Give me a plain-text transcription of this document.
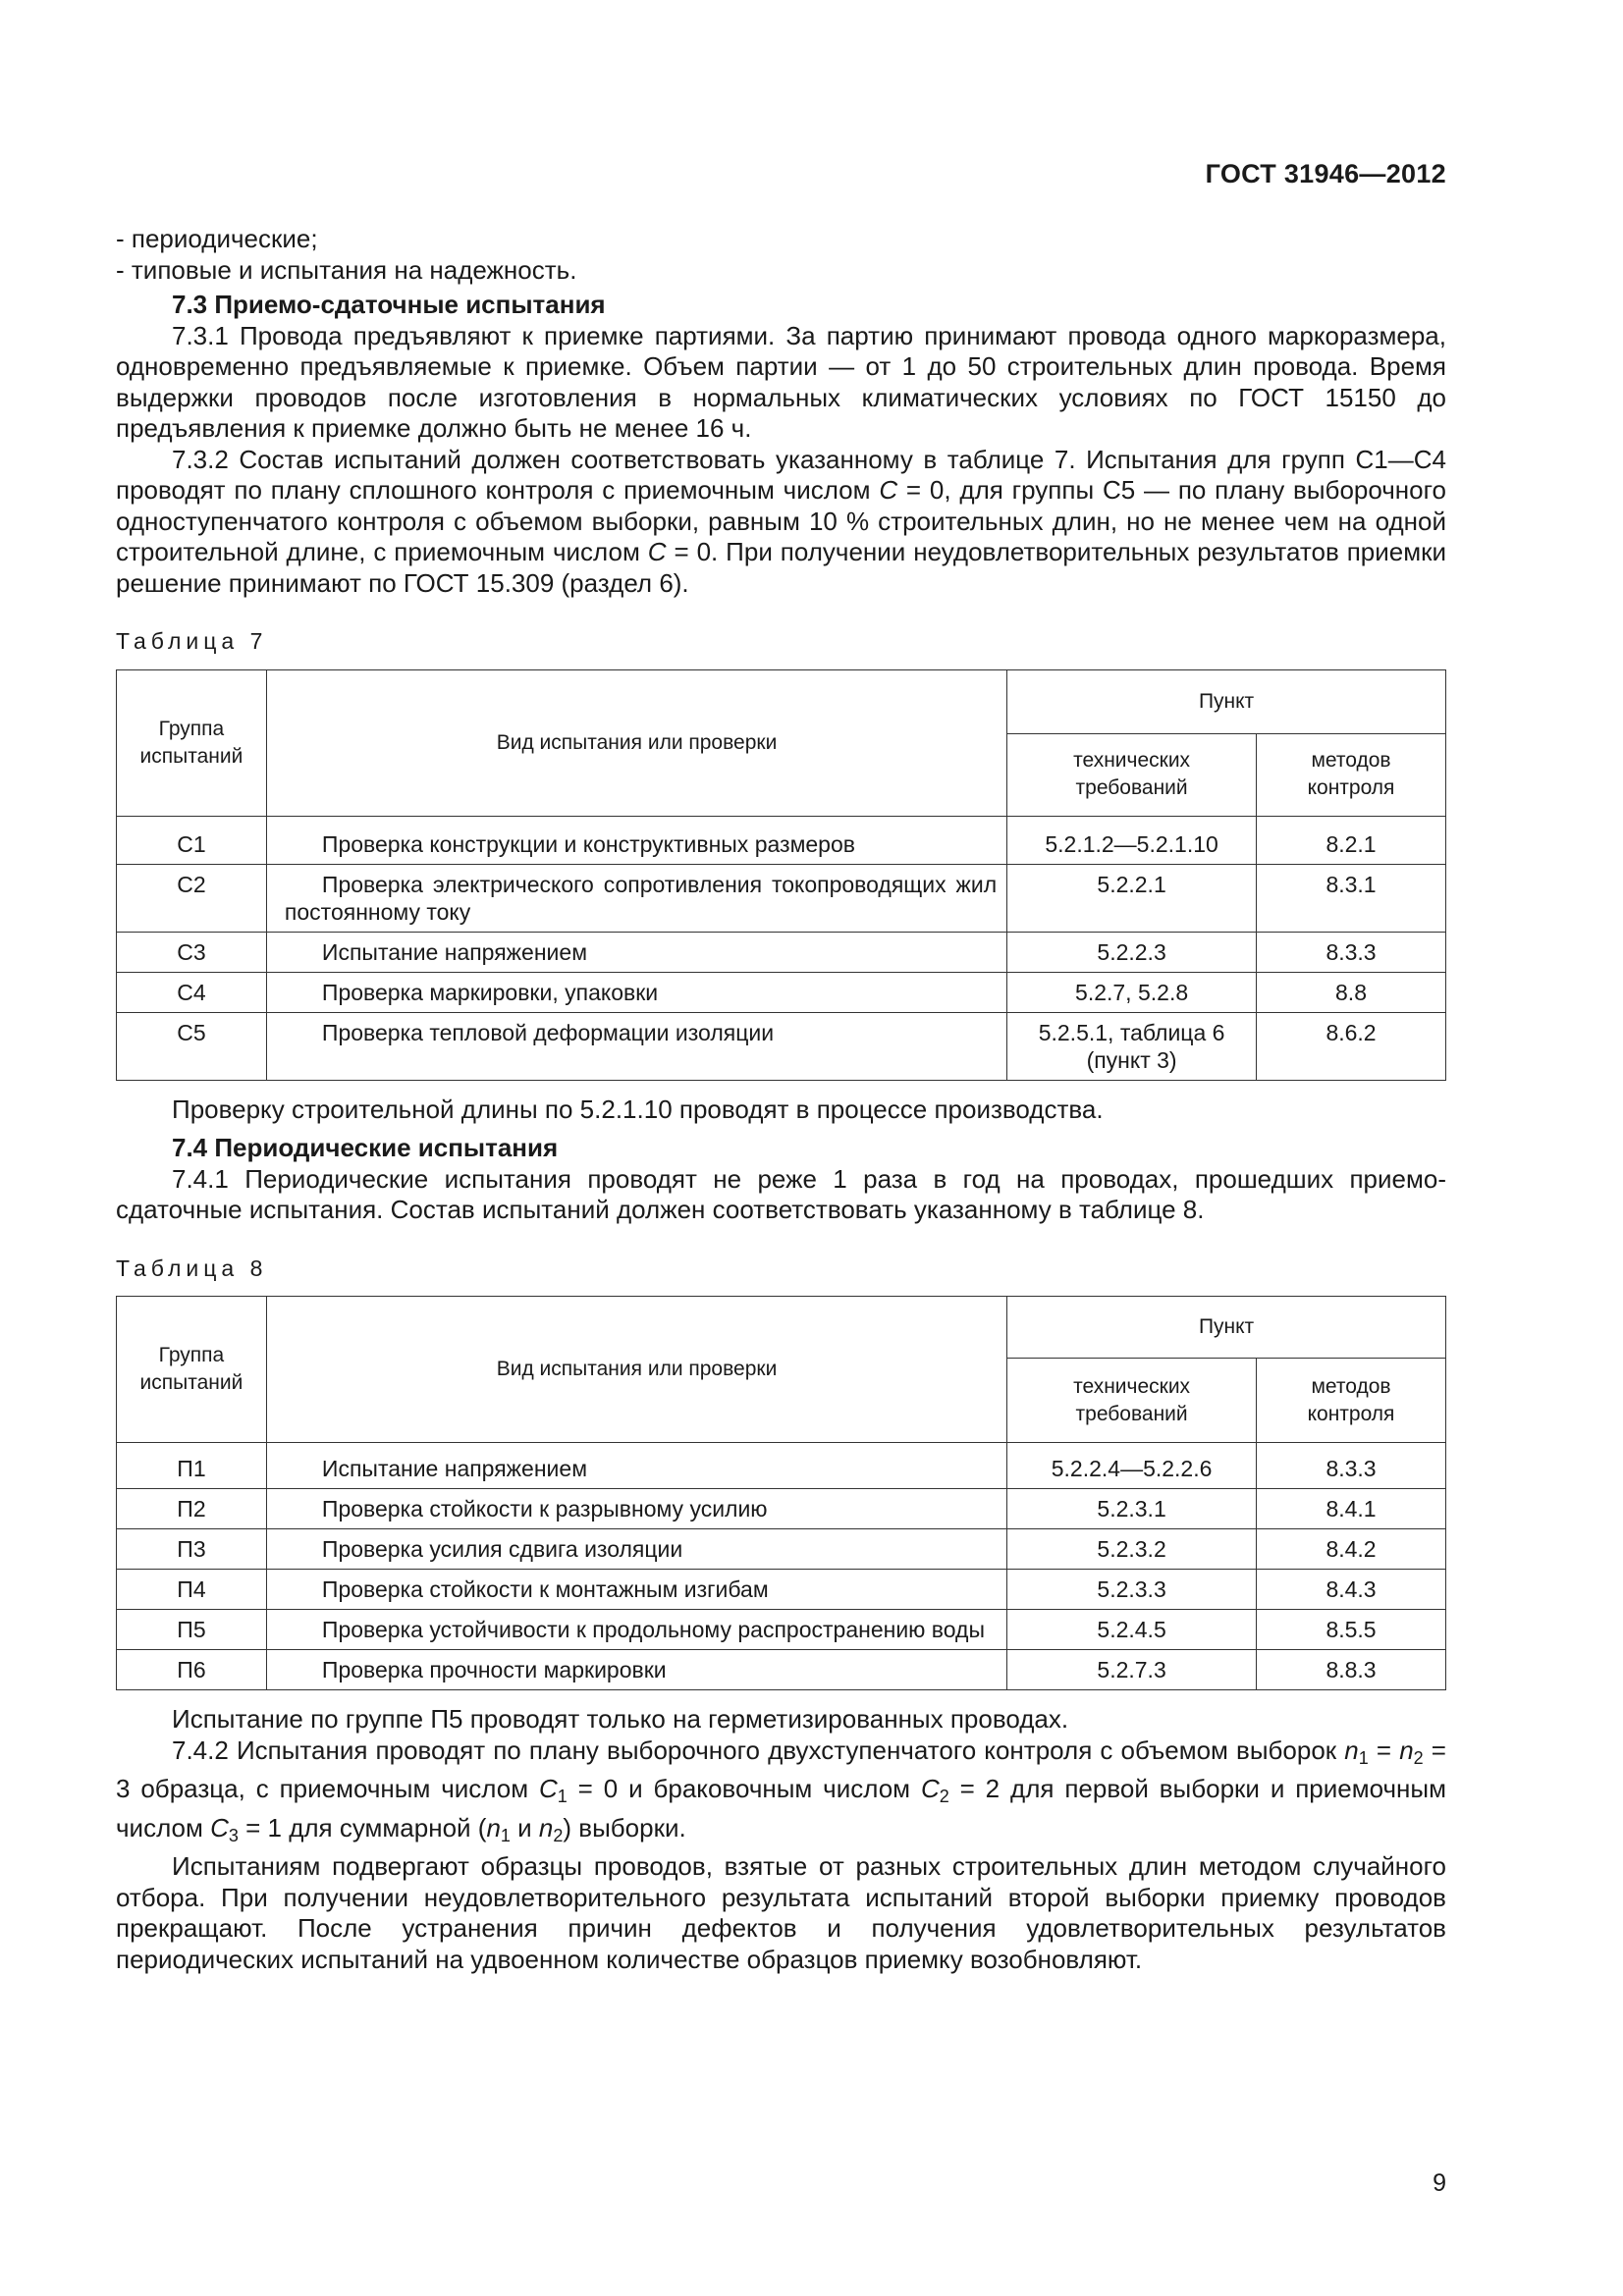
ГОСТ 31946—2012

- периодические;

- типовые и испытания на надежность.

7.3 Приемо-сдаточные испытания

7.3.1 Провода предъявляют к приемке партиями. За партию принимают провода одного маркоразмера, одновременно предъявляемые к приемке. Объем партии — от 1 до 50 строительных длин провода. Время выдержки проводов после изготовления в нормальных климатических условиях по ГОСТ 15150 до предъявления к приемке должно быть не менее 16 ч.

7.3.2 Состав испытаний должен соответствовать указанному в таблице 7. Испытания для групп С1—С4 проводят по плану сплошного контроля с приемочным числом С = 0, для группы С5 — по плану выборочного одноступенчатого контроля с объемом выборки, равным 10 % строительных длин, но не менее чем на одной строительной длине, с приемочным числом С = 0. При получении неудовлетворительных результатов приемки решение принимают по ГОСТ 15.309 (раздел 6).

Таблица 7
Группа испытаний	Вид испытания или проверки	Пункт	
		технических требований	методов контроля
С1	Проверка конструкции и конструктивных размеров	5.2.1.2—5.2.1.10	8.2.1
С2	Проверка электрического сопротивления токопроводящих жил постоянному току	5.2.2.1	8.3.1
С3	Испытание напряжением	5.2.2.3	8.3.3
С4	Проверка маркировки, упаковки	5.2.7, 5.2.8	8.8
С5	Проверка тепловой деформации изоляции	5.2.5.1, таблица 6 (пункт 3)	8.6.2

Проверку строительной длины по 5.2.1.10 проводят в процессе производства.

7.4 Периодические испытания

7.4.1 Периодические испытания проводят не реже 1 раза в год на проводах, прошедших приемо-сдаточные испытания. Состав испытаний должен соответствовать указанному в таблице 8.

Таблица 8
Группа испытаний	Вид испытания или проверки	Пункт	
		технических требований	методов контроля
П1	Испытание напряжением	5.2.2.4—5.2.2.6	8.3.3
П2	Проверка стойкости к разрывному усилию	5.2.3.1	8.4.1
П3	Проверка усилия сдвига изоляции	5.2.3.2	8.4.2
П4	Проверка стойкости к монтажным изгибам	5.2.3.3	8.4.3
П5	Проверка устойчивости к продольному распространению воды	5.2.4.5	8.5.5
П6	Проверка прочности маркировки	5.2.7.3	8.8.3

Испытание по группе П5 проводят только на герметизированных проводах.

7.4.2 Испытания проводят по плану выборочного двухступенчатого контроля с объемом выборок $n_1 = n_2 = 3$ образца, с приемочным числом $C_1 = 0$ и браковочным числом $C_2 = 2$ для первой выборки и приемочным числом $C_3 = 1$ для суммарной ($n_1$ и $n_2$) выборки.

Испытаниям подвергают образцы проводов, взятые от разных строительных длин методом случайного отбора. При получении неудовлетворительного результата испытаний второй выборки приемку проводов прекращают. После устранения причин дефектов и получения удовлетворительных результатов периодических испытаний на удвоенном количестве образцов приемку возобновляют.

9
